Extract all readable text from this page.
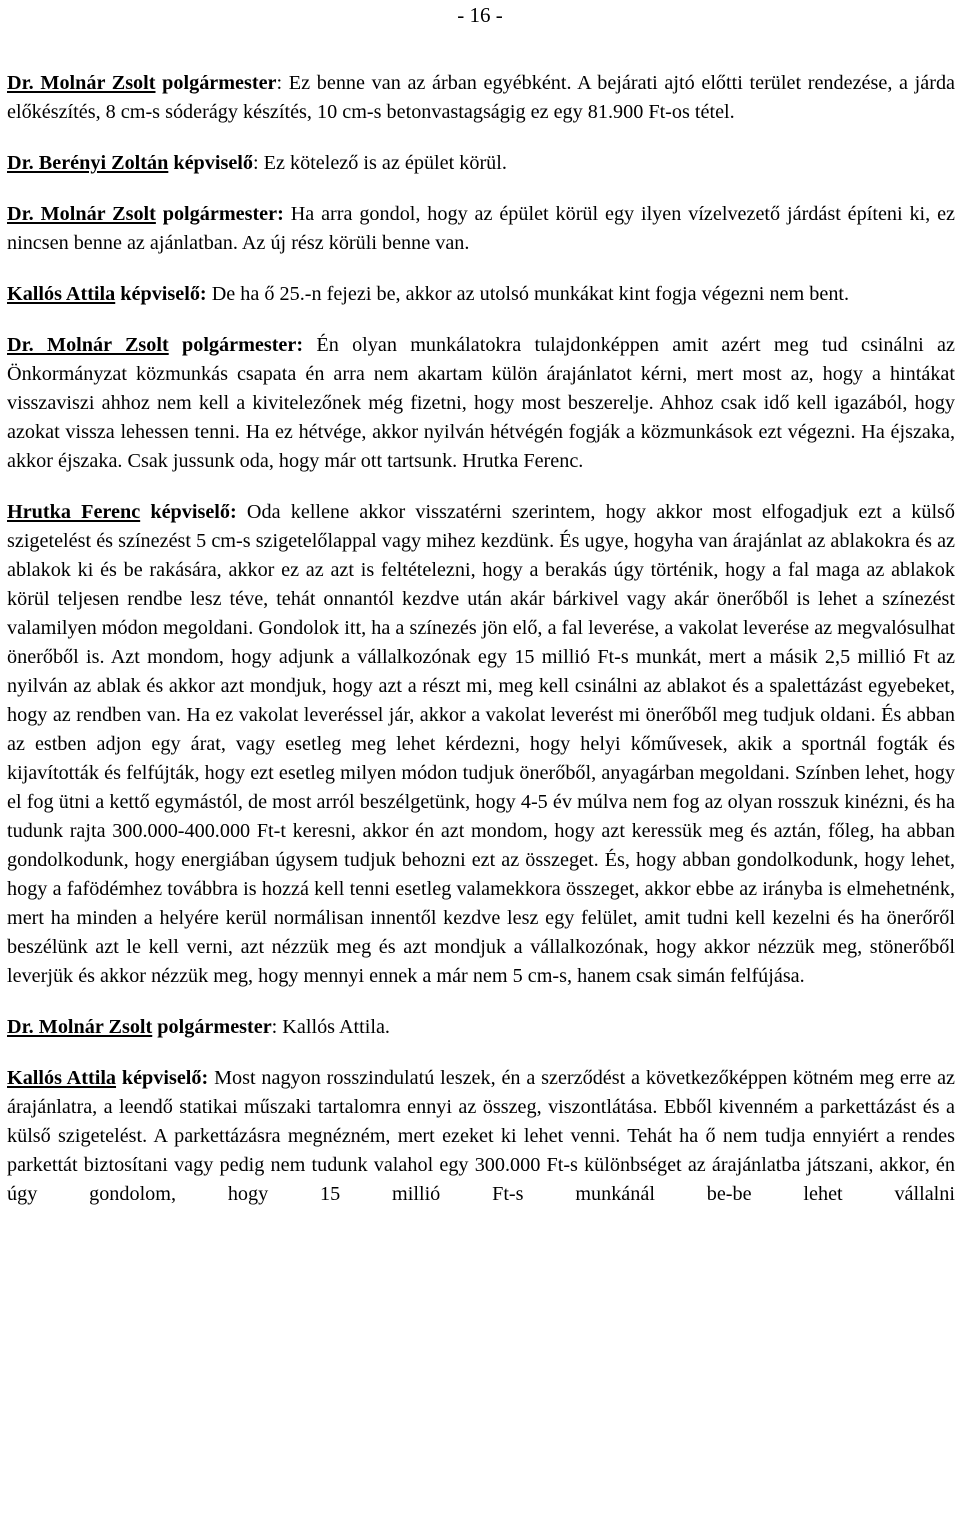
- 16 -

Dr. Molnár Zsolt polgármester: Ez benne van az árban egyébként. A bejárati ajtó előtti terület rendezése, a járda előkészítés, 8 cm-s sóderágy készítés, 10 cm-s betonvastagságig ez egy 81.900 Ft-os tétel.

Dr. Berényi Zoltán képviselő: Ez kötelező is az épület körül.

Dr. Molnár Zsolt polgármester: Ha arra gondol, hogy az épület körül egy ilyen vízelvezető járdást építeni ki, ez nincsen benne az ajánlatban. Az új rész körüli benne van.

Kallós Attila képviselő: De ha ő 25.-n fejezi be, akkor az utolsó munkákat kint fogja végezni nem bent.

Dr. Molnár Zsolt polgármester: Én olyan munkálatokra tulajdonképpen amit azért meg tud csinálni az Önkormányzat közmunkás csapata én arra nem akartam külön árajánlatot kérni, mert most az, hogy a hintákat visszaviszi ahhoz nem kell a kivitelezőnek még fizetni, hogy most beszerelje. Ahhoz csak idő kell igazából, hogy azokat vissza lehessen tenni. Ha ez hétvége, akkor nyilván hétvégén fogják a közmunkások ezt végezni. Ha éjszaka, akkor éjszaka. Csak jussunk oda, hogy már ott tartsunk. Hrutka Ferenc.

Hrutka Ferenc képviselő: Oda kellene akkor visszatérni szerintem, hogy akkor most elfogadjuk ezt a külső szigetelést és színezést 5 cm-s szigetelőlappal vagy mihez kezdünk. És ugye, hogyha van árajánlat az ablakokra és az ablakok ki és be rakására, akkor ez az azt is feltételezni, hogy a berakás úgy történik, hogy a fal maga az ablakok körül teljesen rendbe lesz téve, tehát onnantól kezdve után akár bárkivel vagy akár önerőből is lehet a színezést valamilyen módon megoldani. Gondolok itt, ha a színezés jön elő, a fal leverése, a vakolat leverése az megvalósulhat önerőből is. Azt mondom, hogy adjunk a vállalkozónak egy 15 millió Ft-s munkát, mert a másik 2,5 millió Ft az nyilván az ablak és akkor azt mondjuk, hogy azt a részt mi, meg kell csinálni az ablakot és a spalettázást egyebeket, hogy az rendben van. Ha ez vakolat leveréssel jár, akkor a vakolat leverést mi önerőből meg tudjuk oldani. És abban az estben adjon egy árat, vagy esetleg meg lehet kérdezni, hogy helyi kőművesek, akik a sportnál fogták és kijavították és felfújták, hogy ezt esetleg milyen módon tudjuk önerőből, anyagárban megoldani. Színben lehet, hogy el fog ütni a kettő egymástól, de most arról beszélgetünk, hogy 4-5 év múlva nem fog az olyan rosszuk kinézni, és ha tudunk rajta 300.000-400.000 Ft-t keresni, akkor én azt mondom, hogy azt keressük meg és aztán, főleg, ha abban gondolkodunk, hogy energiában úgysem tudjuk behozni ezt az összeget. És, hogy abban gondolkodunk, hogy lehet, hogy a fafödémhez továbbra is hozzá kell tenni esetleg valamekkora összeget, akkor ebbe az irányba is elmehetnénk, mert ha minden a helyére kerül normálisan innentől kezdve lesz egy felület, amit tudni kell kezelni és ha önerőről beszélünk azt le kell verni, azt nézzük meg és azt mondjuk a vállalkozónak, hogy akkor nézzük meg, stönerőből leverjük és akkor nézzük meg, hogy mennyi ennek a már nem 5 cm-s, hanem csak simán felfújása.

Dr. Molnár Zsolt polgármester: Kallós Attila.

Kallós Attila képviselő: Most nagyon rosszindulatú leszek, én a szerződést a következőképpen kötném meg erre az árajánlatra, a leendő statikai műszaki tartalomra ennyi az összeg, viszontlátása. Ebből kivenném a parkettázást és a külső szigetelést. A parkettázásra megnézném, mert ezeket ki lehet venni. Tehát ha ő nem tudja ennyiért a rendes parkettát biztosítani vagy pedig nem tudunk valahol egy 300.000 Ft-s különbséget az árajánlatba játszani, akkor, én úgy gondolom, hogy 15 millió Ft-s munkánál be-be lehet vállalni
